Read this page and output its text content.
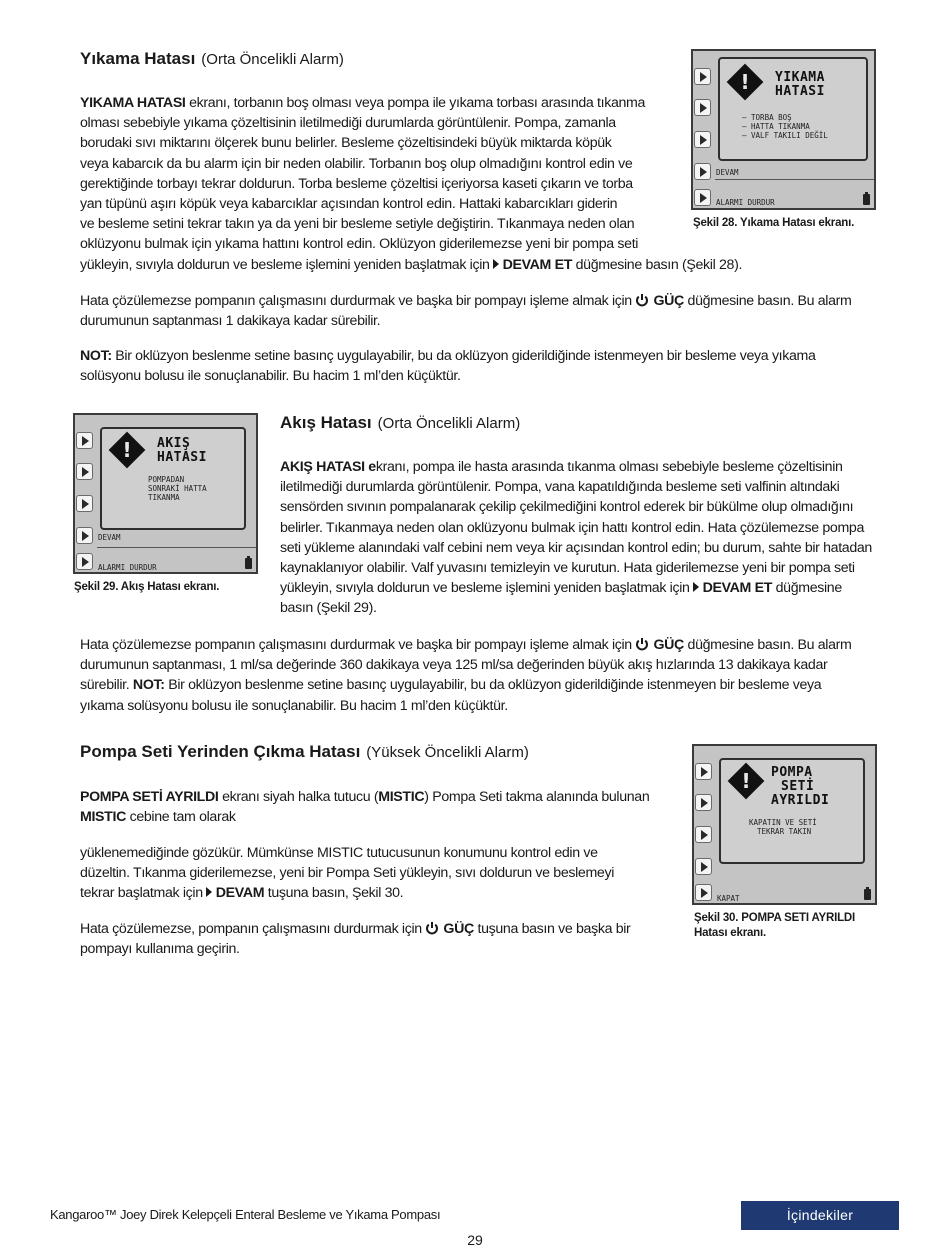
Yıkama Hatası (Orta Öncelikli Alarm)
YIKAMA HATASI ekranı, torbanın boş olması veya pompa ile yıkama torbası arasında tıkanma
olması sebebiyle yıkama çözeltisinin iletilmediği durumlarda görüntülenir. Pompa, zamanla
borudaki sıvı miktarını ölçerek bunu belirler. Besleme çözeltisindeki büyük miktarda köpük
veya kabarcık da bu alarm için bir neden olabilir. Torbanın boş olup olmadığını kontrol edin ve
gerektiğinde torbayı tekrar doldurun. Torba besleme çözeltisi içeriyorsa kaseti çıkarın ve torba
yan tüpünü aşırı köpük veya kabarcıklar açısından kontrol edin. Hattaki kabarcıkları giderin
ve besleme setini tekrar takın ya da yeni bir besleme setiyle değiştirin. Tıkanmaya neden olan
oklüzyonu bulmak için yıkama hattını kontrol edin. Oklüzyon giderilemezse yeni bir pompa seti
yükleyin, sıvıyla doldurun ve besleme işlemini yeniden başlatmak için DEVAM ET düğmesine basın (Şekil 28).
Hata çözülemezse pompanın çalışmasını durdurmak ve başka bir pompayı işleme almak için GÜÇ düğmesine basın. Bu alarm
durumunun saptanması 1 dakikaya kadar sürebilir.
NOT: Bir oklüzyon beslenme setine basınç uygulayabilir, bu da oklüzyon giderildiğinde istenmeyen bir besleme veya yıkama
solüsyonu bolusu ile sonuçlanabilir. Bu hacim 1 ml’den küçüktür.
!	YIKAMA
HATASI
– TORBA BOŞ
– HATTA TIKANMA
– VALF TAKILI DEĞİL
DEVAM
ALARMI DURDUR
Şekil 28. Yıkama Hatası ekranı.
!	AKIŞ
HATASI
POMPADAN
SONRAKİ HATTA
TIKANMA
DEVAM
ALARMI DURDUR
Şekil 29. Akış Hatası ekranı.
Akış Hatası (Orta Öncelikli Alarm)
AKIŞ HATASI ekranı, pompa ile hasta arasında tıkanma olması sebebiyle besleme çözeltisinin
iletilmediği durumlarda görüntülenir. Pompa, vana kapatıldığında besleme seti valfinin altındaki
sensörden sıvının pompalanarak çekilip çekilmediğini kontrol ederek bir bükülme olup olmadığını
belirler. Tıkanmaya neden olan oklüzyonu bulmak için hattı kontrol edin. Hata çözülemezse pompa
seti yükleme alanındaki valf cebini nem veya kir açısından kontrol edin; bu durum, sahte bir hatadan
kaynaklanıyor olabilir. Valf yuvasını temizleyin ve kurutun. Hata giderilemezse yeni bir pompa seti
yükleyin, sıvıyla doldurun ve besleme işlemini yeniden başlatmak için DEVAM ET düğmesine
basın (Şekil 29).
Hata çözülemezse pompanın çalışmasını durdurmak ve başka bir pompayı işleme almak için GÜÇ düğmesine basın. Bu alarm
durumunun saptanması, 1 ml/sa değerinde 360 dakikaya veya 125 ml/sa değerinden büyük akış hızlarında 13 dakikaya kadar
sürebilir. NOT: Bir oklüzyon beslenme setine basınç uygulayabilir, bu da oklüzyon giderildiğinde istenmeyen bir besleme veya
yıkama solüsyonu bolusu ile sonuçlanabilir. Bu hacim 1 ml’den küçüktür.
Pompa Seti Yerinden Çıkma Hatası (Yüksek Öncelikli Alarm)
POMPA SETİ AYRILDI ekranı siyah halka tutucu (MISTIC) Pompa Seti takma alanında bulunan
MISTIC cebine tam olarak
yüklenemediğinde gözükür. Mümkünse MISTIC tutucusunun konumunu kontrol edin ve
düzeltin. Tıkanma giderilemezse, yeni bir Pompa Seti yükleyin, sıvı doldurun ve beslemeyi
tekrar başlatmak için DEVAM tuşuna basın, Şekil 30.
Hata çözülemezse, pompanın çalışmasını durdurmak için GÜÇ tuşuna basın ve başka bir
pompayı kullanıma geçirin.
!	POMPA
SETİ
AYRILDI
KAPATIN VE SETİ
TEKRAR TAKIN
KAPAT
Şekil 30. POMPA SETI AYRILDI
Hatası ekranı.
Kangaroo™ Joey Direk Kelepçeli Enteral Besleme ve Yıkama Pompası
29
İçindekiler
